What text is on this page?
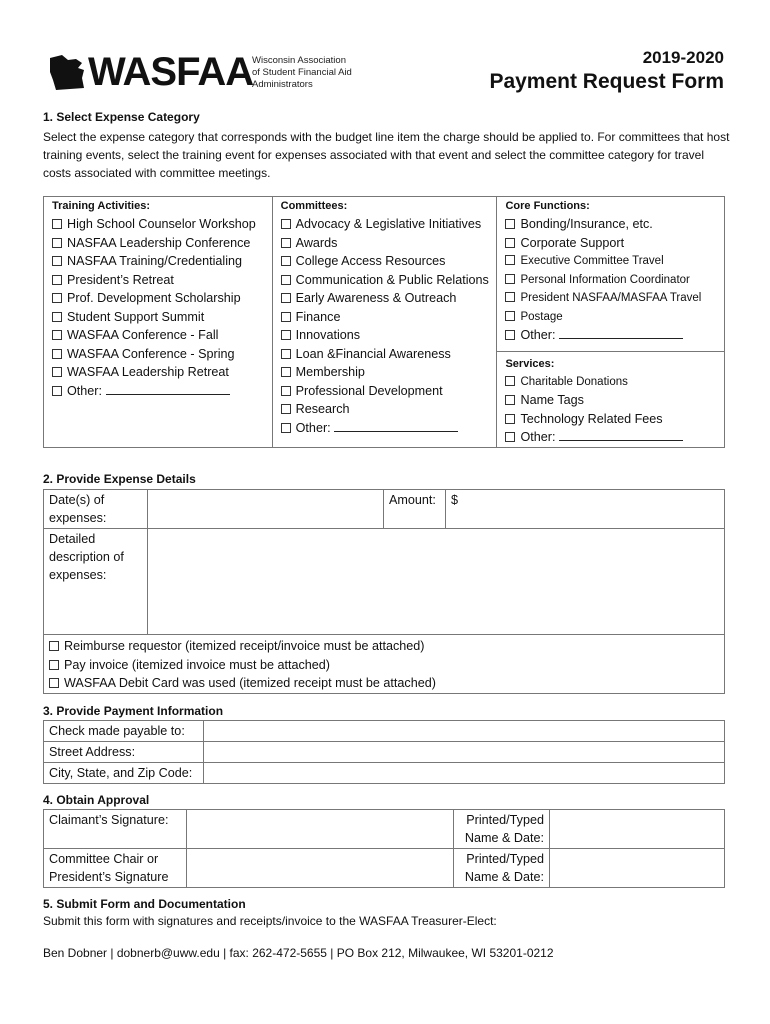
WASFAA
Wisconsin Association
of Student Financial Aid
Administrators
2019-2020
Payment Request Form
1. Select Expense Category
Select the expense category that corresponds with the budget line item the charge should be applied to. For committees that host training events, select the training event for expenses associated with that event and select the committee category for travel costs associated with committee meetings.
Training Activities:
High School Counselor Workshop
NASFAA Leadership Conference
NASFAA Training/Credentialing
President’s Retreat
Prof. Development Scholarship
Student Support Summit
WASFAA Conference - Fall
WASFAA Conference - Spring
WASFAA Leadership Retreat
Other:

Committees:
Advocacy & Legislative Initiatives
Awards
College Access Resources
Communication & Public Relations
Early Awareness & Outreach
Finance
Innovations
Loan &Financial Awareness
Membership
Professional Development
Research
Other:

Core Functions:
Bonding/Insurance, etc.
Corporate Support
Executive Committee Travel
Personal Information Coordinator
President NASFAA/MASFAA Travel
Postage
Other:
Services:
Charitable Donations
Name Tags
Technology Related Fees
Other:
2. Provide Expense Details
Date(s) of expenses:		Amount:	$
Detailed description of expenses:			

Reimburse requestor (itemized receipt/invoice must be attached)
Pay invoice (itemized invoice must be attached)
WASFAA Debit Card was used (itemized receipt must be attached)			
3. Provide Payment Information
Check made payable to:	
Street Address:	
City, State, and Zip Code:	
4. Obtain Approval
Claimant’s Signature:		Printed/Typed Name & Date:	
Committee Chair or President’s Signature		Printed/Typed Name & Date:	
5. Submit Form and Documentation
Submit this form with signatures and receipts/invoice to the WASFAA Treasurer-Elect:
Ben Dobner | dobnerb@uww.edu | fax: 262-472-5655 | PO Box 212, Milwaukee, WI 53201-0212
